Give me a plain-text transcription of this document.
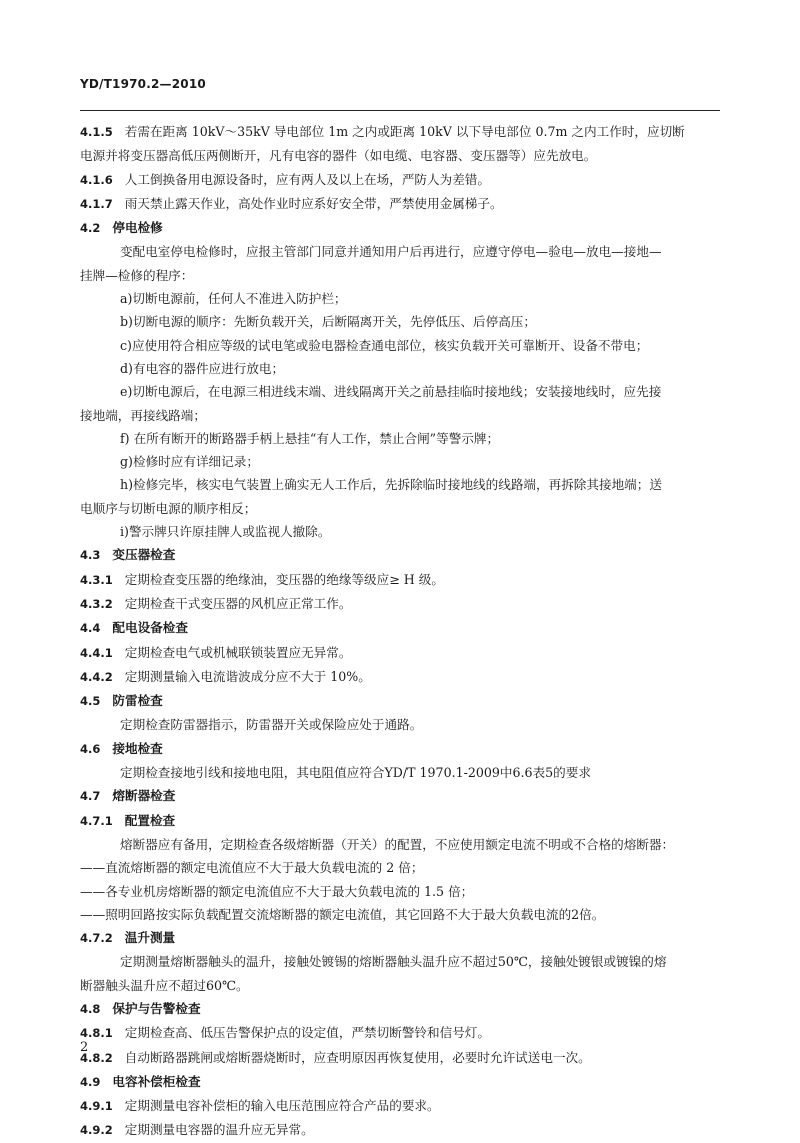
YD/T1970.2—2010
4.1.5 若需在距离 10kV～35kV 导电部位 1m 之内或距离 10kV 以下导电部位 0.7m 之内工作时，应切断
电源并将变压器高低压两侧断开，凡有电容的器件（如电缆、电容器、变压器等）应先放电。
4.1.6 人工倒换备用电源设备时，应有两人及以上在场，严防人为差错。
4.1.7 雨天禁止露天作业，高处作业时应系好安全带，严禁使用金属梯子。
4.2 停电检修
变配电室停电检修时，应报主管部门同意并通知用户后再进行，应遵守停电—验电—放电—接地—
挂牌—检修的程序：
a)切断电源前，任何人不准进入防护栏；
b)切断电源的顺序：先断负载开关，后断隔离开关，先停低压、后停高压；
c)应使用符合相应等级的试电笔或验电器检查通电部位，核实负载开关可靠断开、设备不带电；
d)有电容的器件应进行放电；
e)切断电源后，在电源三相进线末端、进线隔离开关之前悬挂临时接地线；安装接地线时，应先接
接地端，再接线路端；
f) 在所有断开的断路器手柄上悬挂“有人工作，禁止合闸”等警示牌；
g)检修时应有详细记录；
h)检修完毕，核实电气装置上确实无人工作后，先拆除临时接地线的线路端，再拆除其接地端；送
电顺序与切断电源的顺序相反；
i)警示牌只许原挂牌人或监视人撤除。
4.3 变压器检查
4.3.1 定期检查变压器的绝缘油，变压器的绝缘等级应≥ H 级。
4.3.2 定期检查干式变压器的风机应正常工作。
4.4 配电设备检查
4.4.1 定期检查电气或机械联锁装置应无异常。
4.4.2 定期测量输入电流谐波成分应不大于 10%。
4.5 防雷检查
定期检查防雷器指示，防雷器开关或保险应处于通路。
4.6 接地检查
定期检查接地引线和接地电阻，其电阻值应符合YD/T 1970.1-2009中6.6表5的要求
4.7 熔断器检查
4.7.1 配置检查
熔断器应有备用，定期检查各级熔断器（开关）的配置，不应使用额定电流不明或不合格的熔断器：
——直流熔断器的额定电流值应不大于最大负载电流的 2 倍；
——各专业机房熔断器的额定电流值应不大于最大负载电流的 1.5 倍；
——照明回路按实际负载配置交流熔断器的额定电流值，其它回路不大于最大负载电流的2倍。
4.7.2 温升测量
定期测量熔断器触头的温升，接触处镀锡的熔断器触头温升应不超过50℃，接触处镀银或镀镍的熔
断器触头温升应不超过60℃。
4.8 保护与告警检查
4.8.1 定期检查高、低压告警保护点的设定值，严禁切断警铃和信号灯。
4.8.2 自动断路器跳闸或熔断器烧断时，应查明原因再恢复使用，必要时允许试送电一次。
4.9 电容补偿柜检查
4.9.1 定期测量电容补偿柜的输入电压范围应符合产品的要求。
4.9.2 定期测量电容器的温升应无异常。
2
